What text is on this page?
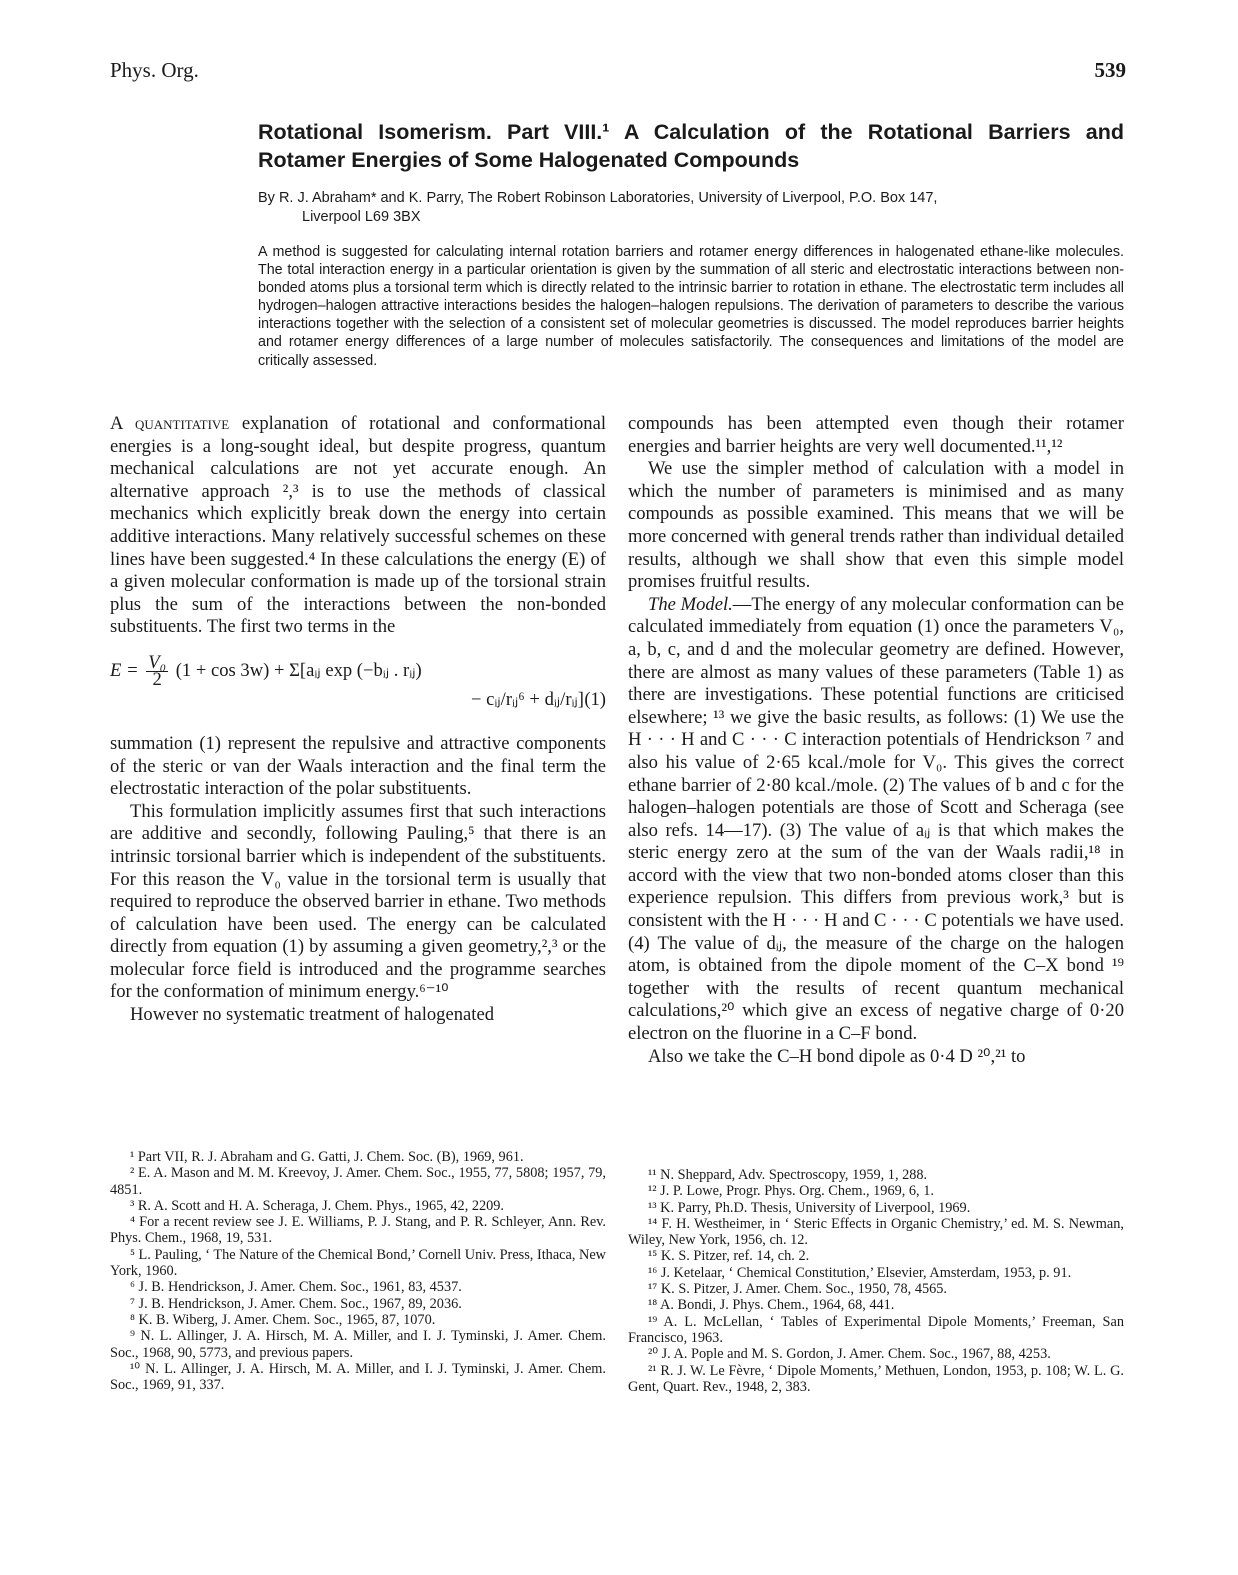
Phys. Org.	539
Rotational Isomerism. Part VIII.¹ A Calculation of the Rotational Barriers and Rotamer Energies of Some Halogenated Compounds
By R. J. Abraham* and K. Parry, The Robert Robinson Laboratories, University of Liverpool, P.O. Box 147,
Liverpool L69 3BX
A method is suggested for calculating internal rotation barriers and rotamer energy differences in halogenated ethane-like molecules. The total interaction energy in a particular orientation is given by the summation of all steric and electrostatic interactions between non-bonded atoms plus a torsional term which is directly related to the intrinsic barrier to rotation in ethane. The electrostatic term includes all hydrogen–halogen attractive interactions besides the halogen–halogen repulsions. The derivation of parameters to describe the various interactions together with the selection of a consistent set of molecular geometries is discussed. The model reproduces barrier heights and rotamer energy differences of a large number of molecules satisfactorily. The consequences and limitations of the model are critically assessed.

A quantitative explanation of rotational and conformational energies is a long-sought ideal, but despite progress, quantum mechanical calculations are not yet accurate enough. An alternative approach ²,³ is to use the methods of classical mechanics which explicitly break down the energy into certain additive interactions. Many relatively successful schemes on these lines have been suggested.⁴ In these calculations the energy (E) of a given molecular conformation is made up of the torsional strain plus the sum of the interactions between the non-bonded substituents. The first two terms in the

$E = \frac{\text{V₀}}{2} (1 + \cos 3w)$ + Σ[aᵢⱼ exp (−bᵢⱼ . rᵢⱼ)
− cᵢⱼ/rᵢⱼ⁶ + dᵢⱼ/rᵢⱼ] (1)

summation (1) represent the repulsive and attractive components of the steric or van der Waals interaction and the final term the electrostatic interaction of the polar substituents.

This formulation implicitly assumes first that such interactions are additive and secondly, following Pauling,⁵ that there is an intrinsic torsional barrier which is independent of the substituents. For this reason the V₀ value in the torsional term is usually that required to reproduce the observed barrier in ethane. Two methods of calculation have been used. The energy can be calculated directly from equation (1) by assuming a given geometry,²,³ or the molecular force field is introduced and the programme searches for the conformation of minimum energy.⁶⁻¹⁰

However no systematic treatment of halogenated

compounds has been attempted even though their rotamer energies and barrier heights are very well documented.¹¹,¹²

We use the simpler method of calculation with a model in which the number of parameters is minimised and as many compounds as possible examined. This means that we will be more concerned with general trends rather than individual detailed results, although we shall show that even this simple model promises fruitful results.

The Model.—The energy of any molecular conformation can be calculated immediately from equation (1) once the parameters V₀, a, b, c, and d and the molecular geometry are defined. However, there are almost as many values of these parameters (Table 1) as there are investigations. These potential functions are criticised elsewhere; ¹³ we give the basic results, as follows: (1) We use the H · · · H and C · · · C interaction potentials of Hendrickson ⁷ and also his value of 2·65 kcal./mole for V₀. This gives the correct ethane barrier of 2·80 kcal./mole. (2) The values of b and c for the halogen–halogen potentials are those of Scott and Scheraga (see also refs. 14—17). (3) The value of aᵢⱼ is that which makes the steric energy zero at the sum of the van der Waals radii,¹⁸ in accord with the view that two non-bonded atoms closer than this experience repulsion. This differs from previous work,³ but is consistent with the H · · · H and C · · · C potentials we have used. (4) The value of dᵢⱼ, the measure of the charge on the halogen atom, is obtained from the dipole moment of the C–X bond ¹⁹ together with the results of recent quantum mechanical calculations,²⁰ which give an excess of negative charge of 0·20 electron on the fluorine in a C–F bond.

Also we take the C–H bond dipole as 0·4 D ²⁰,²¹ to

¹ Part VII, R. J. Abraham and G. Gatti, J. Chem. Soc. (B), 1969, 961.
² E. A. Mason and M. M. Kreevoy, J. Amer. Chem. Soc., 1955, 77, 5808; 1957, 79, 4851.
³ R. A. Scott and H. A. Scheraga, J. Chem. Phys., 1965, 42, 2209.
⁴ For a recent review see J. E. Williams, P. J. Stang, and P. R. Schleyer, Ann. Rev. Phys. Chem., 1968, 19, 531.
⁵ L. Pauling, ‘ The Nature of the Chemical Bond,’ Cornell Univ. Press, Ithaca, New York, 1960.
⁶ J. B. Hendrickson, J. Amer. Chem. Soc., 1961, 83, 4537.
⁷ J. B. Hendrickson, J. Amer. Chem. Soc., 1967, 89, 2036.
⁸ K. B. Wiberg, J. Amer. Chem. Soc., 1965, 87, 1070.
⁹ N. L. Allinger, J. A. Hirsch, M. A. Miller, and I. J. Tyminski, J. Amer. Chem. Soc., 1968, 90, 5773, and previous papers.
¹⁰ N. L. Allinger, J. A. Hirsch, M. A. Miller, and I. J. Tyminski, J. Amer. Chem. Soc., 1969, 91, 337.
¹¹ N. Sheppard, Adv. Spectroscopy, 1959, 1, 288.
¹² J. P. Lowe, Progr. Phys. Org. Chem., 1969, 6, 1.
¹³ K. Parry, Ph.D. Thesis, University of Liverpool, 1969.
¹⁴ F. H. Westheimer, in ‘ Steric Effects in Organic Chemistry,’ ed. M. S. Newman, Wiley, New York, 1956, ch. 12.
¹⁵ K. S. Pitzer, ref. 14, ch. 2.
¹⁶ J. Ketelaar, ‘ Chemical Constitution,’ Elsevier, Amsterdam, 1953, p. 91.
¹⁷ K. S. Pitzer, J. Amer. Chem. Soc., 1950, 78, 4565.
¹⁸ A. Bondi, J. Phys. Chem., 1964, 68, 441.
¹⁹ A. L. McLellan, ‘ Tables of Experimental Dipole Moments,’ Freeman, San Francisco, 1963.
²⁰ J. A. Pople and M. S. Gordon, J. Amer. Chem. Soc., 1967, 88, 4253.
²¹ R. J. W. Le Fèvre, ‘ Dipole Moments,’ Methuen, London, 1953, p. 108; W. L. G. Gent, Quart. Rev., 1948, 2, 383.
